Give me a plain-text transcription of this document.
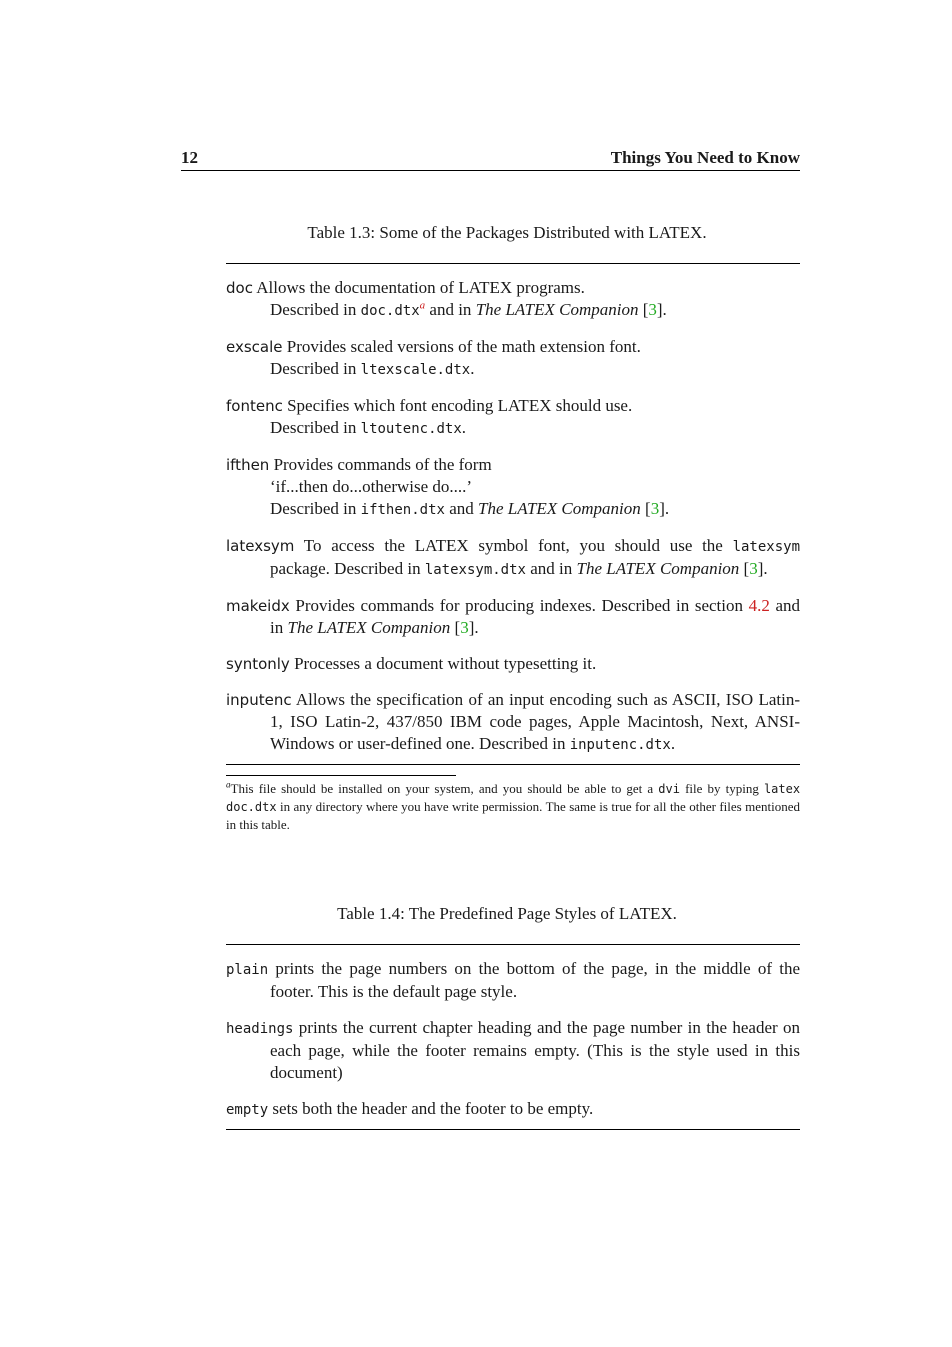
12	Things You Need to Know
Table 1.3: Some of the Packages Distributed with LATEX.
doc Allows the documentation of LATEX programs.
Described in doc.dtx$^a$ and in The LATEX Companion [3].
exscale Provides scaled versions of the math extension font.
Described in ltexscale.dtx.
fontenc Specifies which font encoding LATEX should use.
Described in ltoutenc.dtx.
ifthen Provides commands of the form
‘if...then do...otherwise do....’
Described in ifthen.dtx and The LATEX Companion [3].
latexsym To access the LATEX symbol font, you should use the latexsym package. Described in latexsym.dtx and in The LATEX Companion [3].
makeidx Provides commands for producing indexes. Described in section 4.2 and in The LATEX Companion [3].
syntonly Processes a document without typesetting it.
inputenc Allows the specification of an input encoding such as ASCII, ISO Latin-1, ISO Latin-2, 437/850 IBM code pages, Apple Macintosh, Next, ANSI-Windows or user-defined one. Described in inputenc.dtx.
$^a$This file should be installed on your system, and you should be able to get a dvi file by typing latex doc.dtx in any directory where you have write permission. The same is true for all the other files mentioned in this table.
Table 1.4: The Predefined Page Styles of LATEX.
plain prints the page numbers on the bottom of the page, in the middle of the footer. This is the default page style.
headings prints the current chapter heading and the page number in the header on each page, while the footer remains empty. (This is the style used in this document)
empty sets both the header and the footer to be empty.
